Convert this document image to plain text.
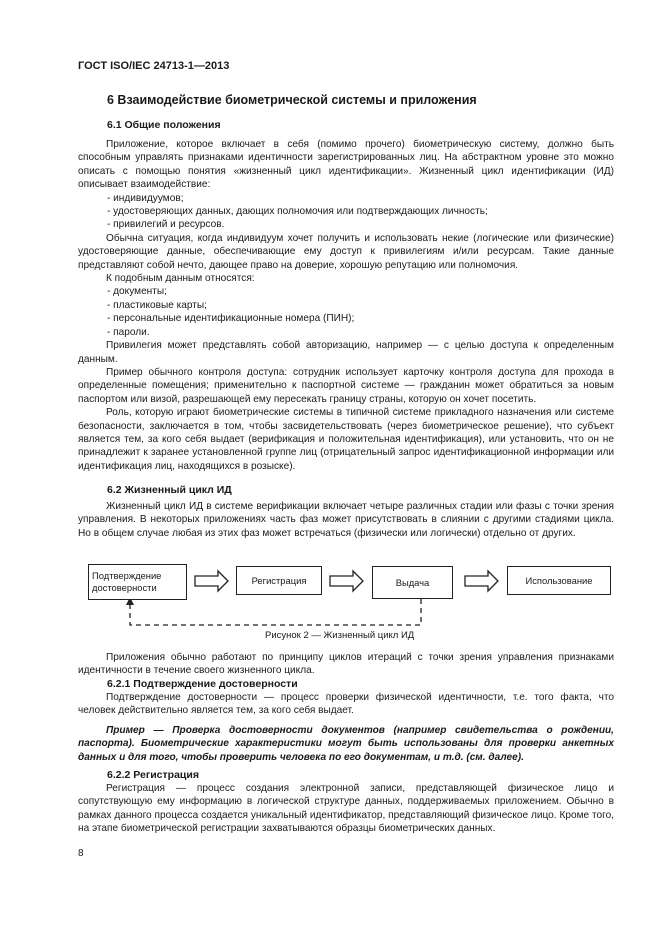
ГОСТ ISO/IEC 24713-1—2013
6 Взаимодействие биометрической системы и приложения
6.1 Общие положения

Приложение, которое включает в себя (помимо прочего) биометрическую систему, должно быть способным управлять признаками идентичности зарегистрированных лиц. На абстрактном уровне это можно описать с помощью понятия «жизненный цикл идентификации». Жизненный цикл идентификации (ИД) описывает взаимодействие:

- индивидуумов;

- удостоверяющих данных, дающих полномочия или подтверждающих личность;

- привилегий и ресурсов.

Обычна ситуация, когда индивидуум хочет получить и использовать некие (логические или физические) удостоверяющие данные, обеспечивающие ему доступ к привилегиям и/или ресурсам. Такие данные представляют собой нечто, дающее право на доверие, хорошую репутацию или полномочия.

К подобным данным относятся:

- документы;

- пластиковые карты;

- персональные идентификационные номера (ПИН);

- пароли.

Привилегия может представлять собой авторизацию, например — с целью доступа к определенным данным.

Пример обычного контроля доступа: сотрудник использует карточку контроля доступа для прохода в определенные помещения; применительно к паспортной системе — гражданин может обратиться за новым паспортом или визой, разрешающей ему пересекать границу страны, которую он хочет посетить.

Роль, которую играют биометрические системы в типичной системе прикладного назначения или системе безопасности, заключается в том, чтобы засвидетельствовать (через биометрическое решение), что субъект является тем, за кого себя выдает (верификация и положительная идентификация), или установить, что он не принадлежит к заранее установленной группе лиц (отрицательный запрос идентификационной информации или идентификация лиц, находящихся в розыске).

6.2 Жизненный цикл ИД

Жизненный цикл ИД в системе верификации включает четыре различных стадии или фазы с точки зрения управления. В некоторых приложениях часть фаз может присутствовать в слиянии с другими стадиями цикла. Но в общем случае любая из этих фаз может встречаться (физически или логически) отдельно от других.

Подтверждение достоверности
Регистрация	Выдача	Использование
Рисунок 2 — Жизненный цикл ИД

Приложения обычно работают по принципу циклов итераций с точки зрения управления признаками идентичности в течение своего жизненного цикла.

6.2.1 Подтверждение достоверности

Подтверждение достоверности — процесс проверки физической идентичности, т.е. того факта, что человек действительно является тем, за кого себя выдает.

Пример — Проверка достоверности документов (например свидетельства о рождении, паспорта). Биометрические характеристики могут быть использованы для проверки анкетных данных и для того, чтобы проверить человека по его документам, и т.д. (см. далее).

6.2.2 Регистрация

Регистрация — процесс создания электронной записи, представляющей физическое лицо и сопутствующую ему информацию в логической структуре данных, поддерживаемых приложением. Обычно в рамках данного процесса создается уникальный идентификатор, представляющий физическое лицо. Кроме того, на этапе биометрической регистрации захватываются образцы биометрических данных.

8
